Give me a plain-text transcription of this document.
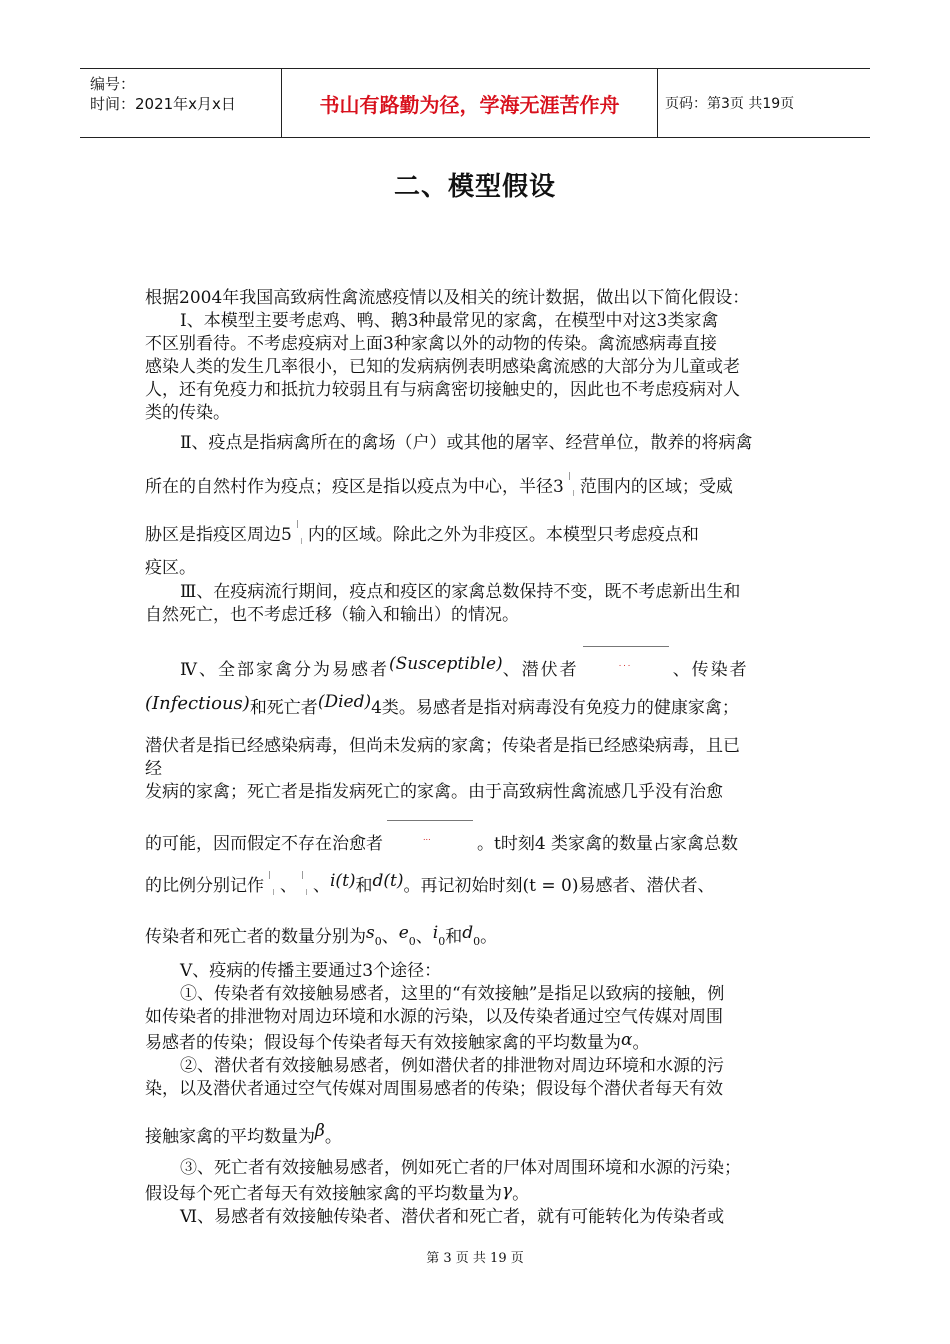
编号：
时间：2021年x月x日	书山有路勤为径，学海无涯苦作舟	页码：第3页 共19页
二、模型假设
根据2004年我国高致病性禽流感疫情以及相关的统计数据，做出以下简化假设：
Ⅰ、本模型主要考虑鸡、鸭、鹅3种最常见的家禽，在模型中对这3类家禽
不区别看待。不考虑疫病对上面3种家禽以外的动物的传染。禽流感病毒直接
感染人类的发生几率很小，已知的发病病例表明感染禽流感的大部分为儿童或老
人，还有免疫力和抵抗力较弱且有与病禽密切接触史的，因此也不考虑疫病对人
类的传染。
Ⅱ、疫点是指病禽所在的禽场（户）或其他的屠宰、经营单位，散养的将病禽
所在的自然村作为疫点；疫区是指以疫点为中心，半径3 范围内的区域；受威
胁区是指疫区周边5 内的区域。除此之外为非疫区。本模型只考虑疫点和
疫区。
Ⅲ、在疫病流行期间，疫点和疫区的家禽总数保持不变，既不考虑新出生和
自然死亡，也不考虑迁移（输入和输出）的情况。
Ⅳ、全部家禽分为易感者(Susceptible)、潜伏者	... 、传染者
(Infectious)和死亡者(Died)4类。易感者是指对病毒没有免疫力的健康家禽；
潜伏者是指已经感染病毒，但尚未发病的家禽；传染者是指已经感染病毒，且已
经
发病的家禽；死亡者是指发病死亡的家禽。由于高致病性禽流感几乎没有治愈
的可能，因而假定不存在治愈者	...	。t时刻4 类家禽的数量占家禽总数
的比例分别记作 、 、i(t)和d(t)。再记初始时刻(t = 0)易感者、潜伏者、
传染者和死亡者的数量分别为$s_0$、$e_0$、$i_0$和$d_0$。
Ⅴ、疫病的传播主要通过3个途径：
①、传染者有效接触易感者，这里的“有效接触”是指足以致病的接触，例
如传染者的排泄物对周边环境和水源的污染，以及传染者通过空气传媒对周围
易感者的传染；假设每个传染者每天有效接触家禽的平均数量为α。
②、潜伏者有效接触易感者，例如潜伏者的排泄物对周边环境和水源的污
染，以及潜伏者通过空气传媒对周围易感者的传染；假设每个潜伏者每天有效
接触家禽的平均数量为β。
③、死亡者有效接触易感者，例如死亡者的尸体对周围环境和水源的污染；
假设每个死亡者每天有效接触家禽的平均数量为γ。
Ⅵ、易感者有效接触传染者、潜伏者和死亡者，就有可能转化为传染者或
第 3 页 共 19 页
